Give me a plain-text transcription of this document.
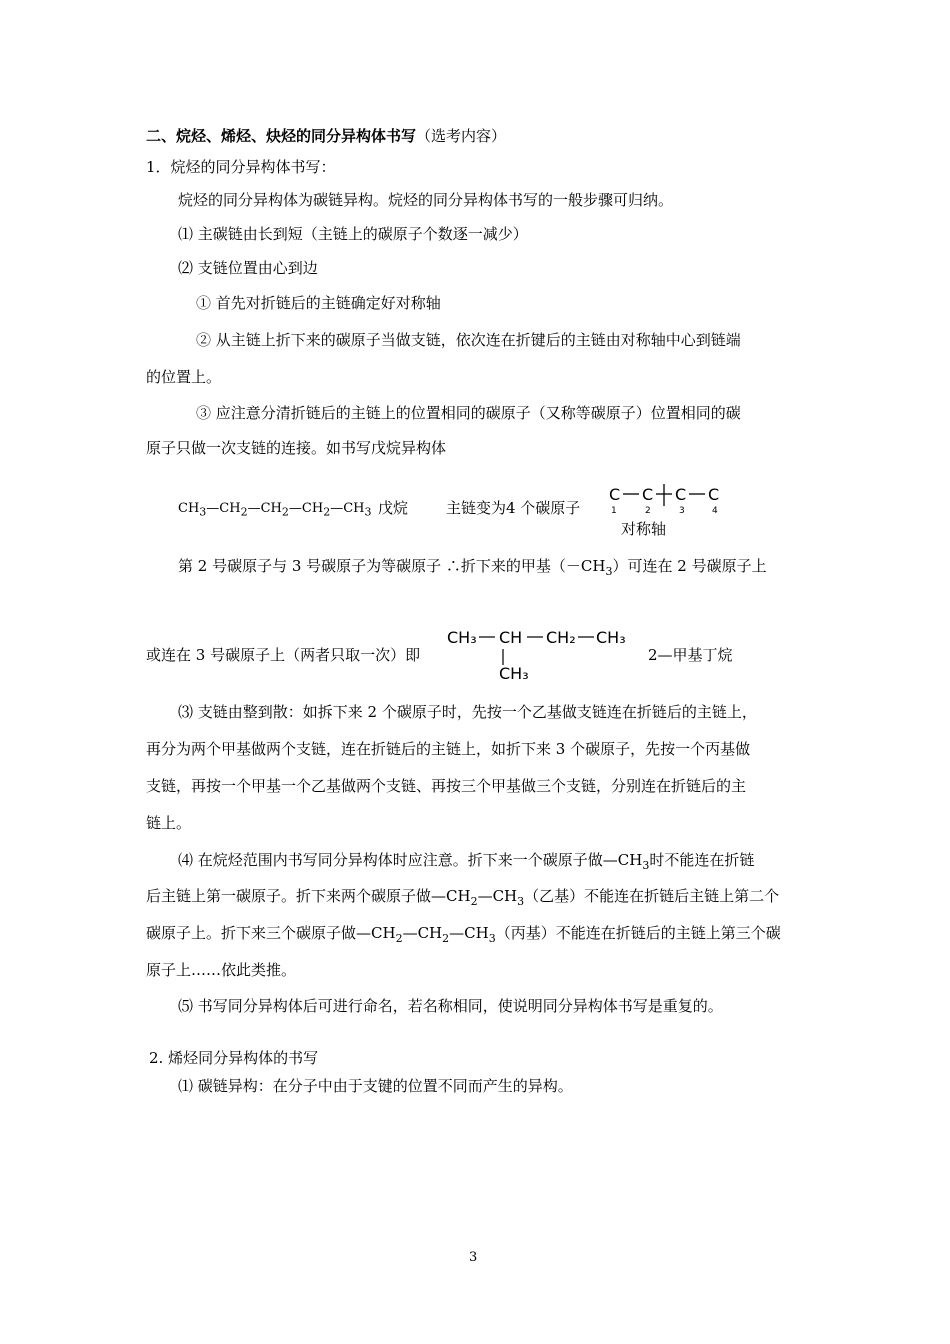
二、烷烃、烯烃、炔烃的同分异构体书写（选考内容）
1．烷烃的同分异构体书写：
烷烃的同分异构体为碳链异构。烷烃的同分异构体书写的一般步骤可归纳。
⑴ 主碳链由长到短（主链上的碳原子个数逐一减少）
⑵ 支链位置由心到边
① 首先对折链后的主链确定好对称轴
② 从主链上折下来的碳原子当做支链，依次连在折键后的主链由对称轴中心到链端
的位置上。
③ 应注意分清折链后的主链上的位置相同的碳原子（又称等碳原子）位置相同的碳
原子只做一次支链的连接。如书写戊烷异构体
$CH_3—CH_2—CH_2—CH_2—CH_3$ 戊烷	主链变为4 个碳原子
C C C C
1	2	3	4
对称轴
第 2 号碳原子与 3 号碳原子为等碳原子 ∴折下来的甲基$(-CH_3)$可连在 2 号碳原子上
或连在 3 号碳原子上（两者只取一次）即
CH₃ CH CH₂ CH₃
CH₃
2—甲基丁烷
⑶ 支链由整到散：如拆下来 2 个碳原子时，先按一个乙基做支链连在折链后的主链上，
再分为两个甲基做两个支链，连在折链后的主链上，如折下来 3 个碳原子，先按一个丙基做
支链，再按一个甲基一个乙基做两个支链、再按三个甲基做三个支链，分别连在折链后的主
链上。
⑷ 在烷烃范围内书写同分异构体时应注意。折下来一个碳原子做$—CH_3$时不能连在折链
后主链上第一碳原子。折下来两个碳原子做$—CH_2—CH_3$（乙基）不能连在折链后主链上第二个
碳原子上。折下来三个碳原子做$—CH_2—CH_2—CH_3$（丙基）不能连在折链后的主链上第三个碳
原子上……依此类推。
⑸ 书写同分异构体后可进行命名，若名称相同，使说明同分异构体书写是重复的。
2. 烯烃同分异构体的书写
⑴ 碳链异构：在分子中由于支键的位置不同而产生的异构。
3
